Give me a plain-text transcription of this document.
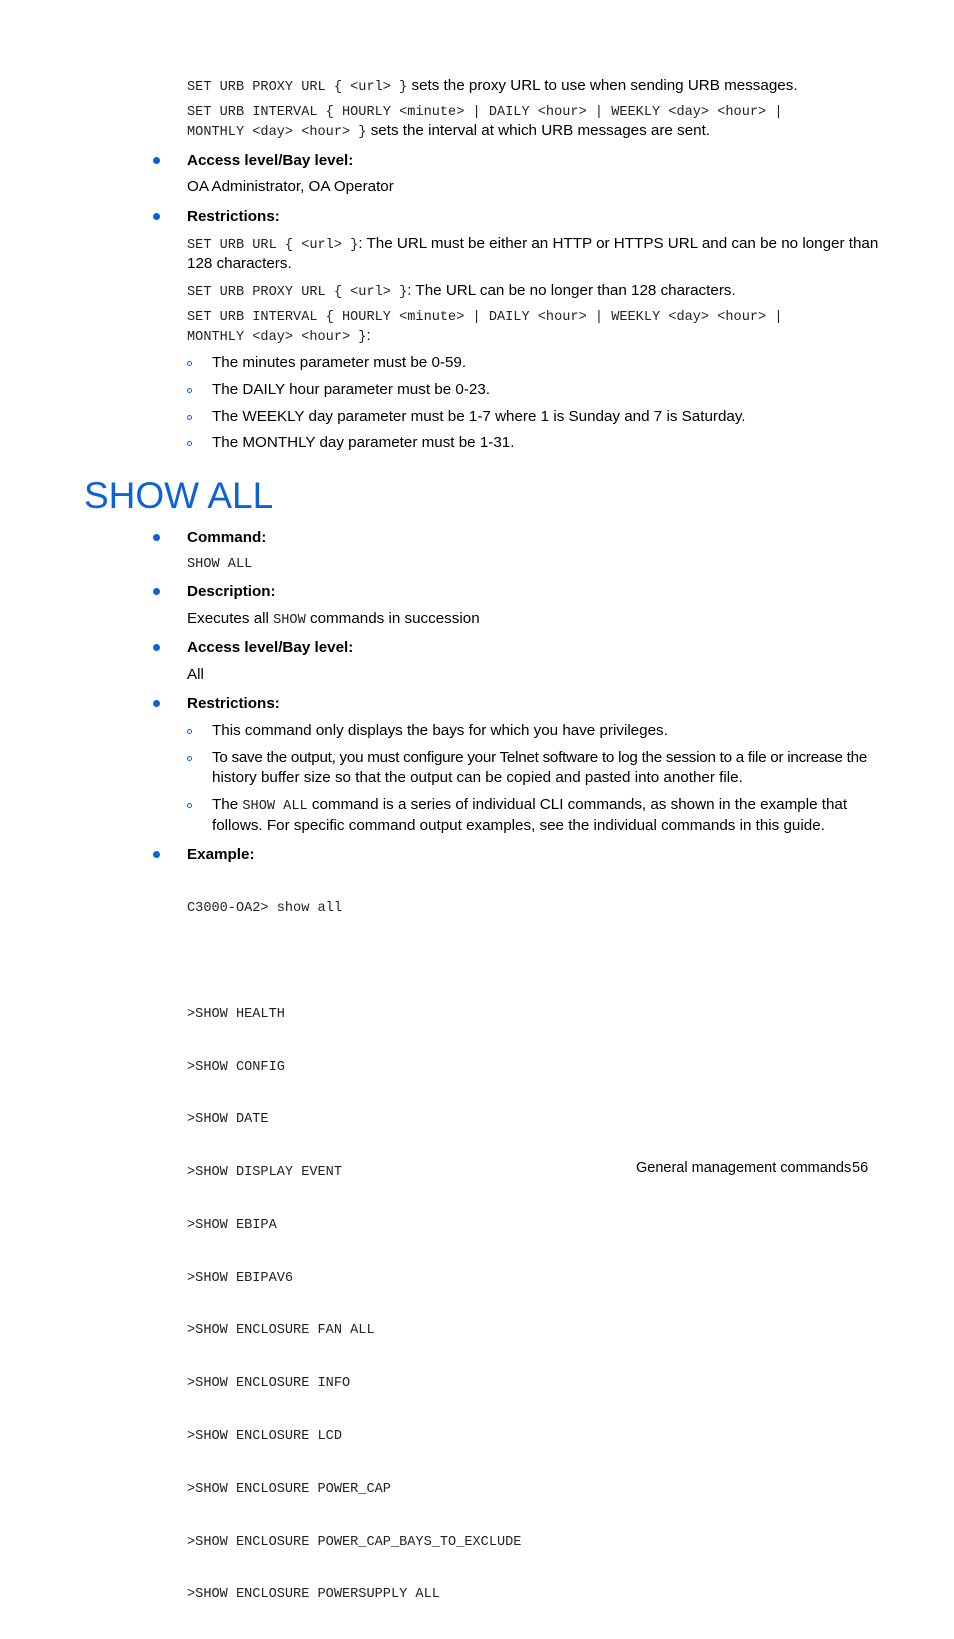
SET URB PROXY URL { <url> } sets the proxy URL to use when sending URB messages.
SET URB INTERVAL { HOURLY <minute> | DAILY <hour> | WEEKLY <day> <hour> |
MONTHLY <day> <hour> } sets the interval at which URB messages are sent.
Access level/Bay level:
OA Administrator, OA Operator
Restrictions:
SET URB URL { <url> }: The URL must be either an HTTP or HTTPS URL and can be no longer than
128 characters.
SET URB PROXY URL { <url> }: The URL can be no longer than 128 characters.
SET URB INTERVAL { HOURLY <minute> | DAILY <hour> | WEEKLY <day> <hour> |
MONTHLY <day> <hour> }:
The minutes parameter must be 0-59.
The DAILY hour parameter must be 0-23.
The WEEKLY day parameter must be 1-7 where 1 is Sunday and 7 is Saturday.
The MONTHLY day parameter must be 1-31.
SHOW ALL
Command:
SHOW ALL
Description:
Executes all SHOW commands in succession
Access level/Bay level:
All
Restrictions:
This command only displays the bays for which you have privileges.
To save the output, you must configure your Telnet software to log the session to a file or increase the
history buffer size so that the output can be copied and pasted into another file.
The SHOW ALL command is a series of individual CLI commands, as shown in the example that
follows. For specific command output examples, see the individual commands in this guide.
Example:

C3000-OA2> show all

>SHOW HEALTH

>SHOW CONFIG

>SHOW DATE

>SHOW DISPLAY EVENT

>SHOW EBIPA

>SHOW EBIPAV6

>SHOW ENCLOSURE FAN ALL

>SHOW ENCLOSURE INFO

>SHOW ENCLOSURE LCD

>SHOW ENCLOSURE POWER_CAP

>SHOW ENCLOSURE POWER_CAP_BAYS_TO_EXCLUDE

>SHOW ENCLOSURE POWERSUPPLY ALL

General management commands 56
